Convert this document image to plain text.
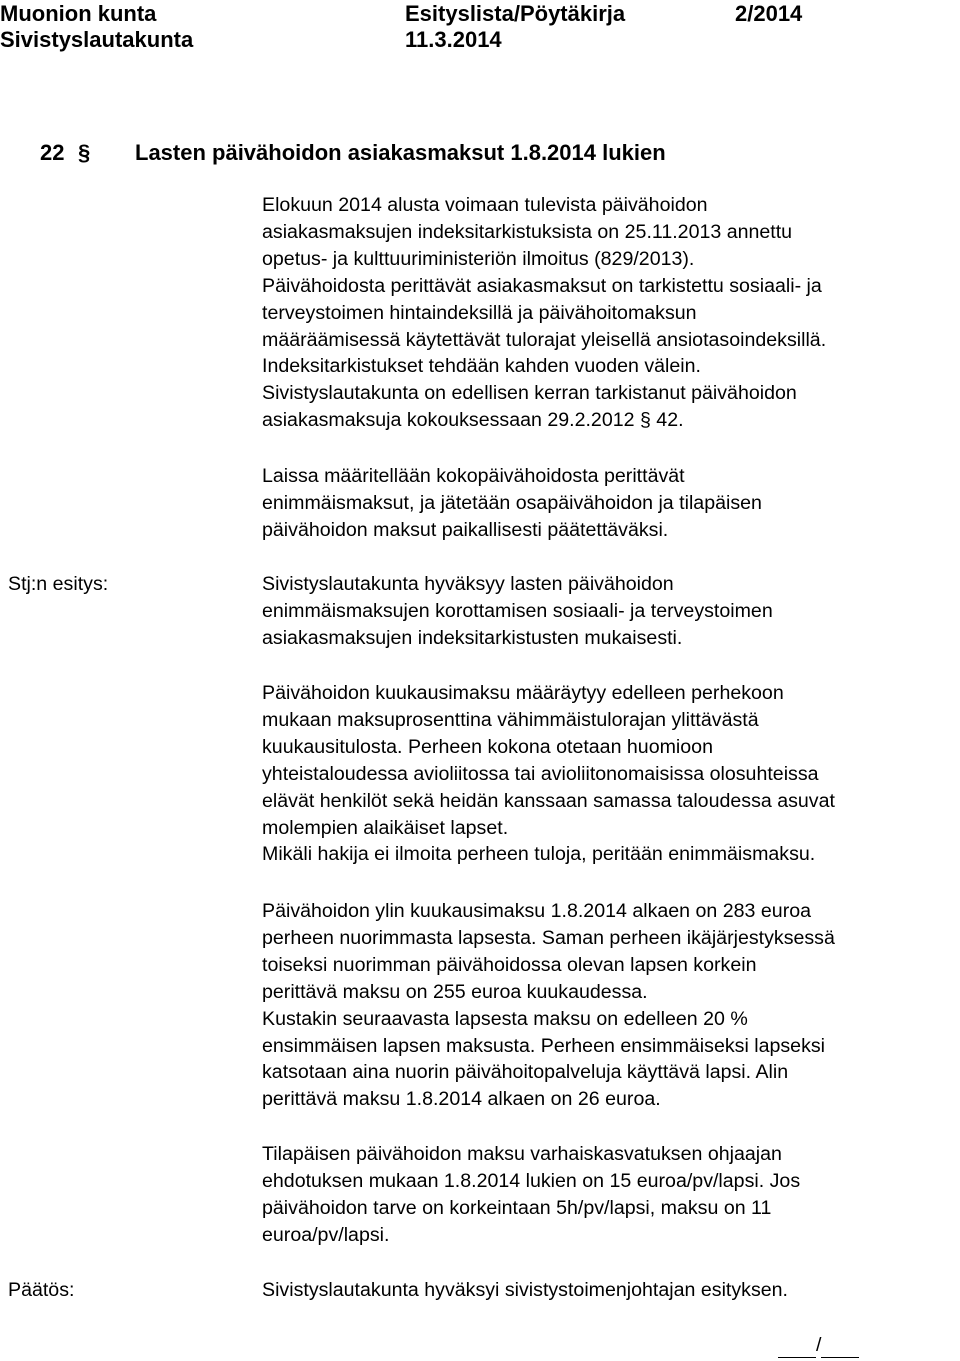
Muonion kunta	Esityslista/Pöytäkirja	2/2014
Sivistyslautakunta	11.3.2014
22 § Lasten päivähoidon asiakasmaksut 1.8.2014 lukien
Elokuun 2014 alusta voimaan tulevista päivähoidon
asiakasmaksujen indeksitarkistuksista on 25.11.2013 annettu
opetus- ja kulttuuriministeriön ilmoitus (829/2013).
Päivähoidosta perittävät asiakasmaksut on tarkistettu sosiaali- ja
terveystoimen hintaindeksillä ja päivähoitomaksun
määräämisessä käytettävät tulorajat yleisellä ansiotasoindeksillä.
Indeksitarkistukset tehdään kahden vuoden välein.
Sivistyslautakunta on edellisen kerran tarkistanut päivähoidon
asiakasmaksuja kokouksessaan 29.2.2012 § 42.
Laissa määritellään kokopäivähoidosta perittävät
enimmäismaksut, ja jätetään osapäivähoidon ja tilapäisen
päivähoidon maksut paikallisesti päätettäväksi.
Stj:n esitys:	Sivistyslautakunta hyväksyy lasten päivähoidon
enimmäismaksujen korottamisen sosiaali- ja terveystoimen
asiakasmaksujen indeksitarkistusten mukaisesti.
Päivähoidon kuukausimaksu määräytyy edelleen perhekoon
mukaan maksuprosenttina vähimmäistulorajan ylittävästä
kuukausitulosta. Perheen kokona otetaan huomioon
yhteistaloudessa avioliitossa tai avioliitonomaisissa olosuhteissa
elävät henkilöt sekä heidän kanssaan samassa taloudessa asuvat
molempien alaikäiset lapset.
Mikäli hakija ei ilmoita perheen tuloja, peritään enimmäismaksu.
Päivähoidon ylin kuukausimaksu 1.8.2014 alkaen on 283 euroa
perheen nuorimmasta lapsesta. Saman perheen ikäjärjestyksessä
toiseksi nuorimman päivähoidossa olevan lapsen korkein
perittävä maksu on 255 euroa kuukaudessa.
Kustakin seuraavasta lapsesta maksu on edelleen 20 %
ensimmäisen lapsen maksusta. Perheen ensimmäiseksi lapseksi
katsotaan aina nuorin päivähoitopalveluja käyttävä lapsi. Alin
perittävä maksu 1.8.2014 alkaen on 26 euroa.
Tilapäisen päivähoidon maksu varhaiskasvatuksen ohjaajan
ehdotuksen mukaan 1.8.2014 lukien on 15 euroa/pv/lapsi. Jos
päivähoidon tarve on korkeintaan 5h/pv/lapsi, maksu on 11
euroa/pv/lapsi.
Päätös:	Sivistyslautakunta hyväksyi sivistystoimenjohtajan esityksen.
/
